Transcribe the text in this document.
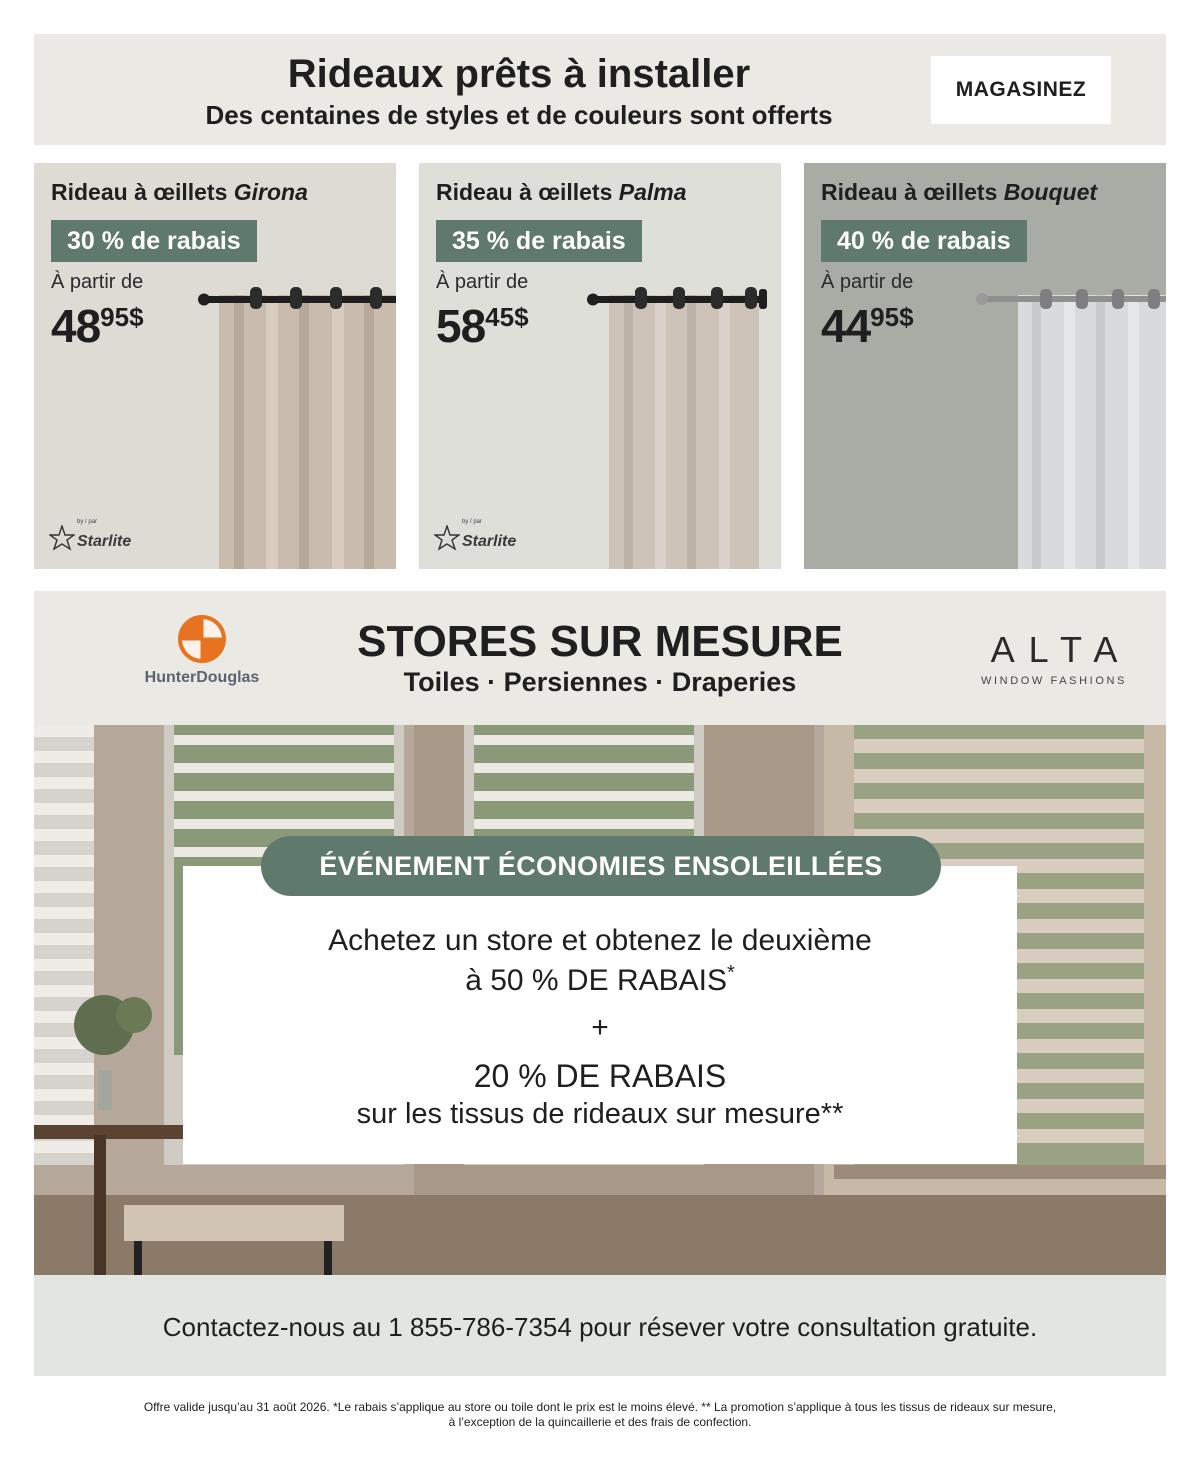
Rideaux prêts à installer
Des centaines de styles et de couleurs sont offerts
MAGASINEZ
Rideau à œillets Girona
30 % de rabais
À partir de
4895$
by / par
Starlite
Rideau à œillets Palma
35 % de rabais
À partir de
5845$
by / par
Starlite
Rideau à œillets Bouquet
40 % de rabais
À partir de
4495$
HunterDouglas
STORES SUR MESURE
Toiles · Persiennes · Draperies
ALTA
WINDOW FASHIONS
Achetez un store et obtenez le deuxième
à 50 % DE RABAIS*
+
20 % DE RABAIS
sur les tissus de rideaux sur mesure**
ÉVÉNEMENT ÉCONOMIES ENSOLEILLÉES
Contactez-nous au 1 855-786-7354 pour résever votre consultation gratuite.
Offre valide jusqu’au 31 août 2026. *Le rabais s’applique au store ou toile dont le prix est le moins élevé. ** La promotion s’applique à tous les tissus de rideaux sur mesure,
à l’exception de la quincaillerie et des frais de confection.
